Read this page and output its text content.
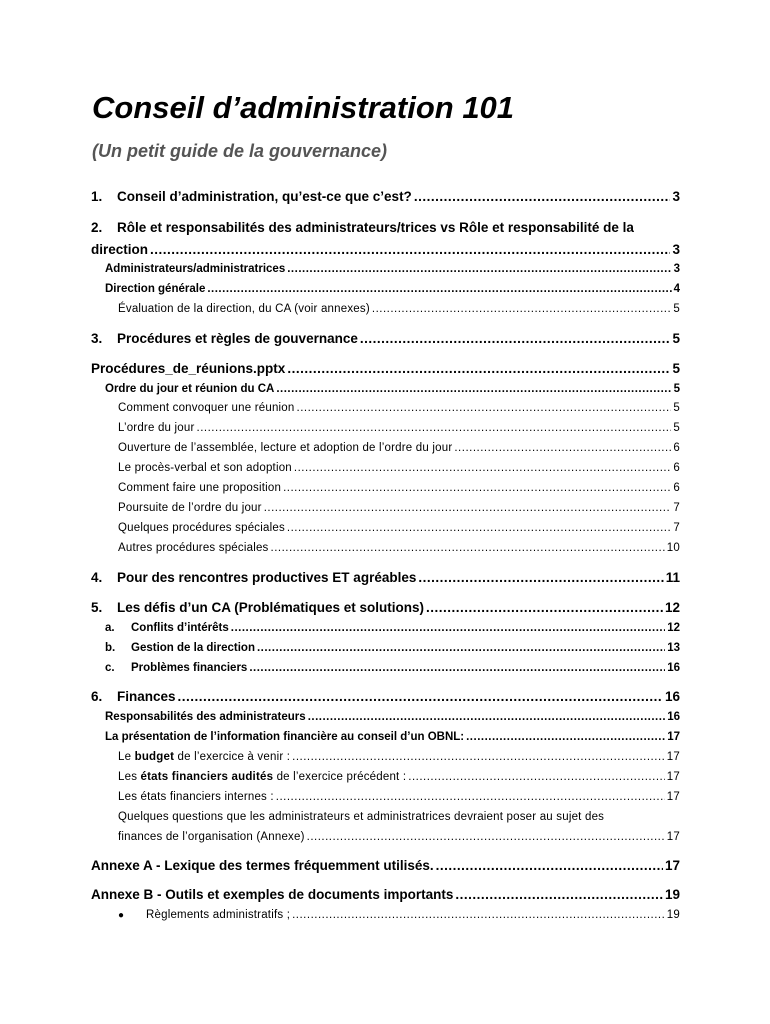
Conseil d’administration 101
(Un petit guide de la gouvernance)
1.	Conseil d’administration, qu’est-ce que c’est? .....	3
2. Rôle et responsabilités des administrateurs/trices vs Rôle et responsabilité de la
direction .....	3
Administrateurs/administratrices .....	3
Direction générale .....	4
Évaluation de la direction, du CA (voir annexes) .....	5
3.	Procédures et règles de gouvernance .....	5
Procédures_de_réunions.pptx .....	5
Ordre du jour et réunion du CA .....	5
Comment convoquer une réunion .....	5
L’ordre du jour .....	5
Ouverture de l’assemblée, lecture et adoption de l’ordre du jour .....	6
Le procès-verbal et son adoption .....	6
Comment faire une proposition .....	6
Poursuite de l’ordre du jour .....	7
Quelques procédures spéciales .....	7
Autres procédures spéciales .....	10
4.	Pour des rencontres productives ET agréables .....	11
5.	Les défis d’un CA (Problématiques et solutions) .....	12
a.	Conflits d’intérêts .....	12
b.	Gestion de la direction .....	13
c.	Problèmes financiers .....	16
6.	Finances .....	16
Responsabilités des administrateurs .....	16
La présentation de l’information financière au conseil d’un OBNL: .....	17
Le budget de l’exercice à venir : .....	17
Les états financiers audités de l’exercice précédent : .....	17
Les états financiers internes : .....	17
Quelques questions que les administrateurs et administratrices devraient poser au sujet des
finances de l’organisation (Annexe) .....	17
Annexe A - Lexique des termes fréquemment utilisés. .....	17
Annexe B - Outils et exemples de documents importants .....	19
●	Règlements administratifs ; .....	19
